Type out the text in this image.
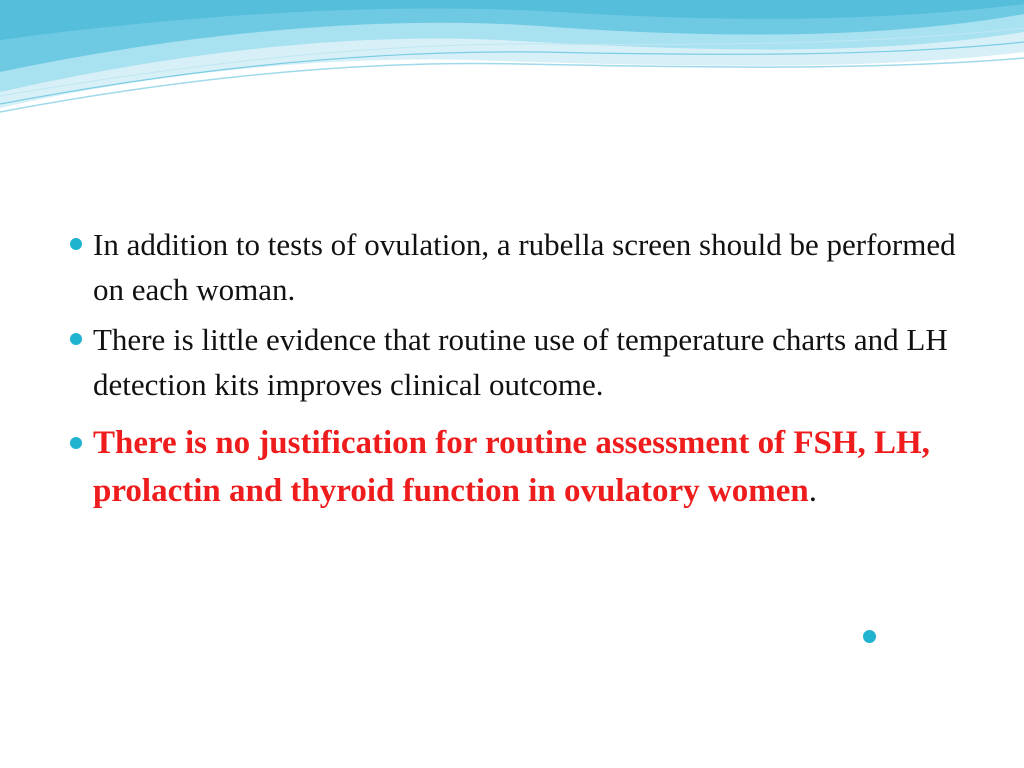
In addition to tests of ovulation, a rubella screen should be performed on each woman.
There is little evidence that routine use of temperature charts and LH detection kits improves clinical outcome.
There is no justification for routine assessment of FSH, LH, prolactin and thyroid function in ovulatory women.
